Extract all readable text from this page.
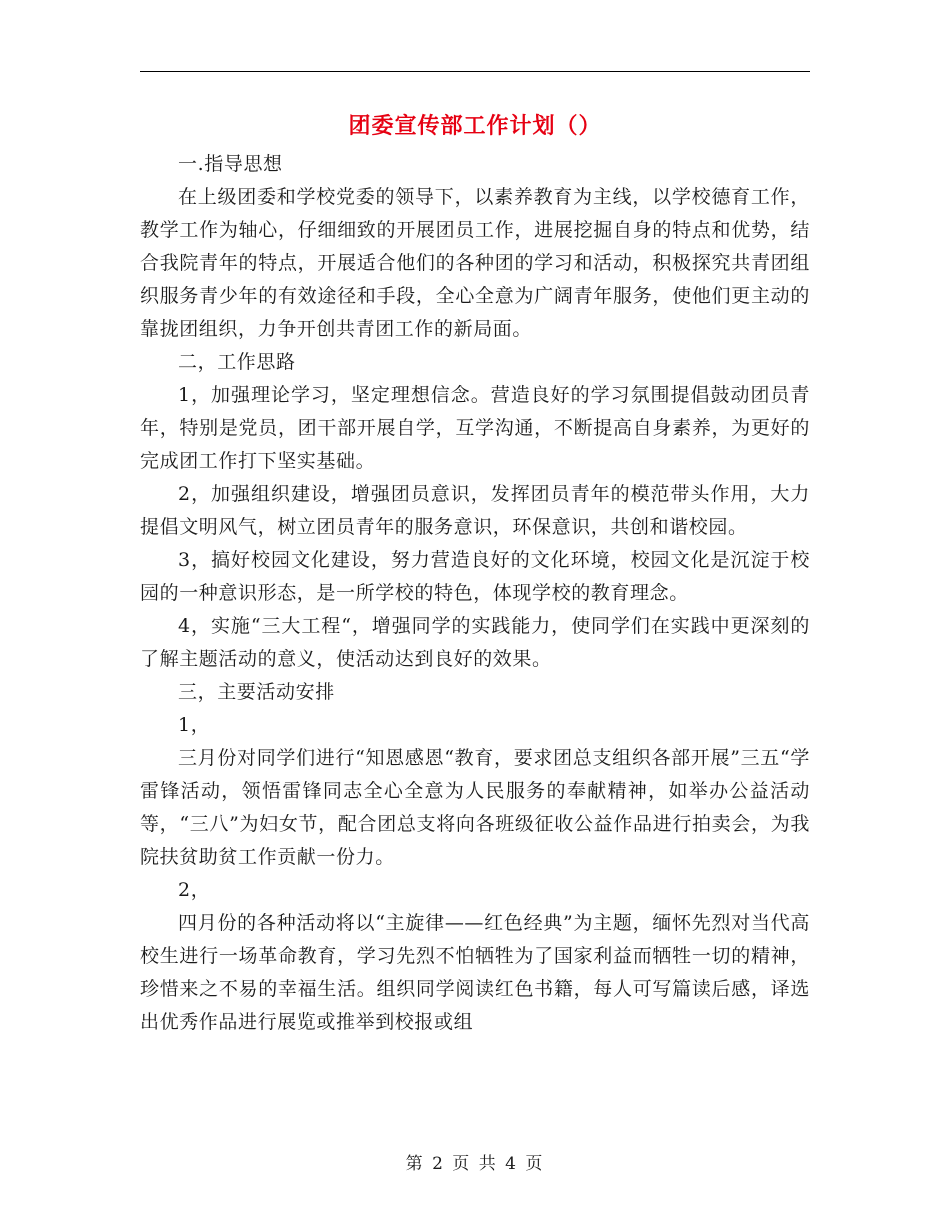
团委宣传部工作计划（）

一.指导思想

在上级团委和学校党委的领导下，以素养教育为主线，以学校德育工作，教学工作为轴心，仔细细致的开展团员工作，进展挖掘自身的特点和优势，结合我院青年的特点，开展适合他们的各种团的学习和活动，积极探究共青团组织服务青少年的有效途径和手段，全心全意为广阔青年服务，使他们更主动的靠拢团组织，力争开创共青团工作的新局面。

二，工作思路

1，加强理论学习，坚定理想信念。营造良好的学习氛围提倡鼓动团员青年，特别是党员，团干部开展自学，互学沟通，不断提高自身素养，为更好的完成团工作打下坚实基础。

2，加强组织建设，增强团员意识，发挥团员青年的模范带头作用，大力提倡文明风气，树立团员青年的服务意识，环保意识，共创和谐校园。

3，搞好校园文化建设，努力营造良好的文化环境，校园文化是沉淀于校园的一种意识形态，是一所学校的特色，体现学校的教育理念。

4，实施“三大工程“，增强同学的实践能力，使同学们在实践中更深刻的了解主题活动的意义，使活动达到良好的效果。

三，主要活动安排

1，

三月份对同学们进行“知恩感恩“教育，要求团总支组织各部开展”三五“学雷锋活动，领悟雷锋同志全心全意为人民服务的奉献精神，如举办公益活动等，“三八”为妇女节，配合团总支将向各班级征收公益作品进行拍卖会，为我院扶贫助贫工作贡献一份力。

2，

四月份的各种活动将以“主旋律——红色经典”为主题，缅怀先烈对当代高校生进行一场革命教育，学习先烈不怕牺牲为了国家利益而牺牲一切的精神，珍惜来之不易的幸福生活。组织同学阅读红色书籍，每人可写篇读后感，译选出优秀作品进行展览或推举到校报或组

第 2 页 共 4 页
